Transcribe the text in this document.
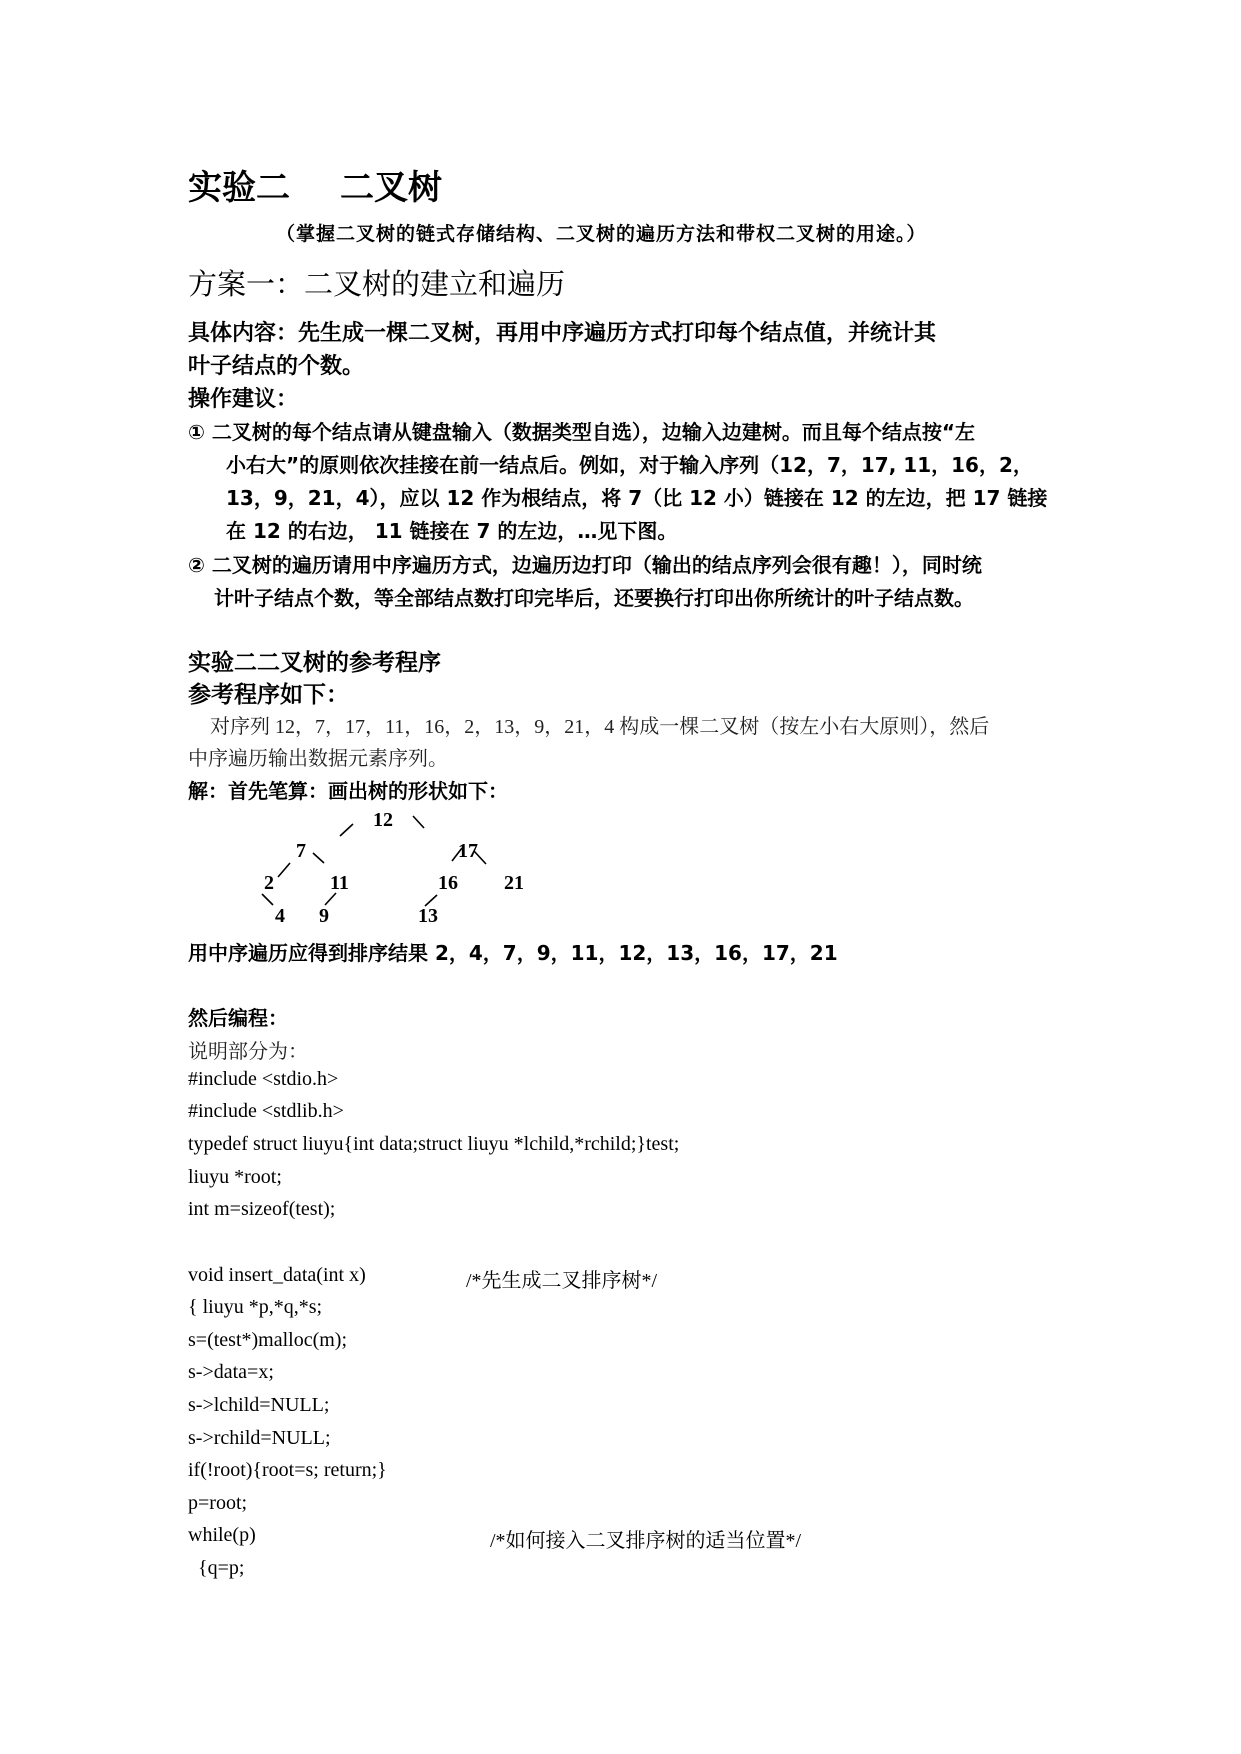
实验二 二叉树
（掌握二叉树的链式存储结构、二叉树的遍历方法和带权二叉树的用途。）
方案一：二叉树的建立和遍历
具体内容：先生成一棵二叉树，再用中序遍历方式打印每个结点值，并统计其
叶子结点的个数。
操作建议：
① 二叉树的每个结点请从键盘输入（数据类型自选），边输入边建树。而且每个结点按“左
小右大”的原则依次挂接在前一结点后。例如，对于输入序列（12，7，17, 11，16，2，
13，9，21，4），应以 12 作为根结点，将 7（比 12 小）链接在 12 的左边，把 17 链接
在 12 的右边， 11 链接在 7 的左边，…见下图。
② 二叉树的遍历请用中序遍历方式，边遍历边打印（输出的结点序列会很有趣！），同时统
计叶子结点个数，等全部结点数打印完毕后，还要换行打印出你所统计的叶子结点数。
实验二二叉树的参考程序
参考程序如下：
对序列 12，7，17，11，16，2，13，9，21，4 构成一棵二叉树（按左小右大原则），然后
中序遍历输出数据元素序列。
解：首先笔算：画出树的形状如下：
12
7	17
2	11	16 21
4 9	13
用中序遍历应得到排序结果 2，4，7，9，11，12，13，16，17，21
然后编程：
说明部分为：
#include <stdio.h>
#include <stdlib.h>
typedef struct liuyu{int data;struct liuyu *lchild,*rchild;}test;
liuyu *root;
int m=sizeof(test);
void insert_data(int x)	/*先生成二叉排序树*/
{ liuyu *p,*q,*s;
s=(test*)malloc(m);
s->data=x;
s->lchild=NULL;
s->rchild=NULL;
if(!root){root=s; return;}
p=root;
while(p)	/*如何接入二叉排序树的适当位置*/
{q=p;
